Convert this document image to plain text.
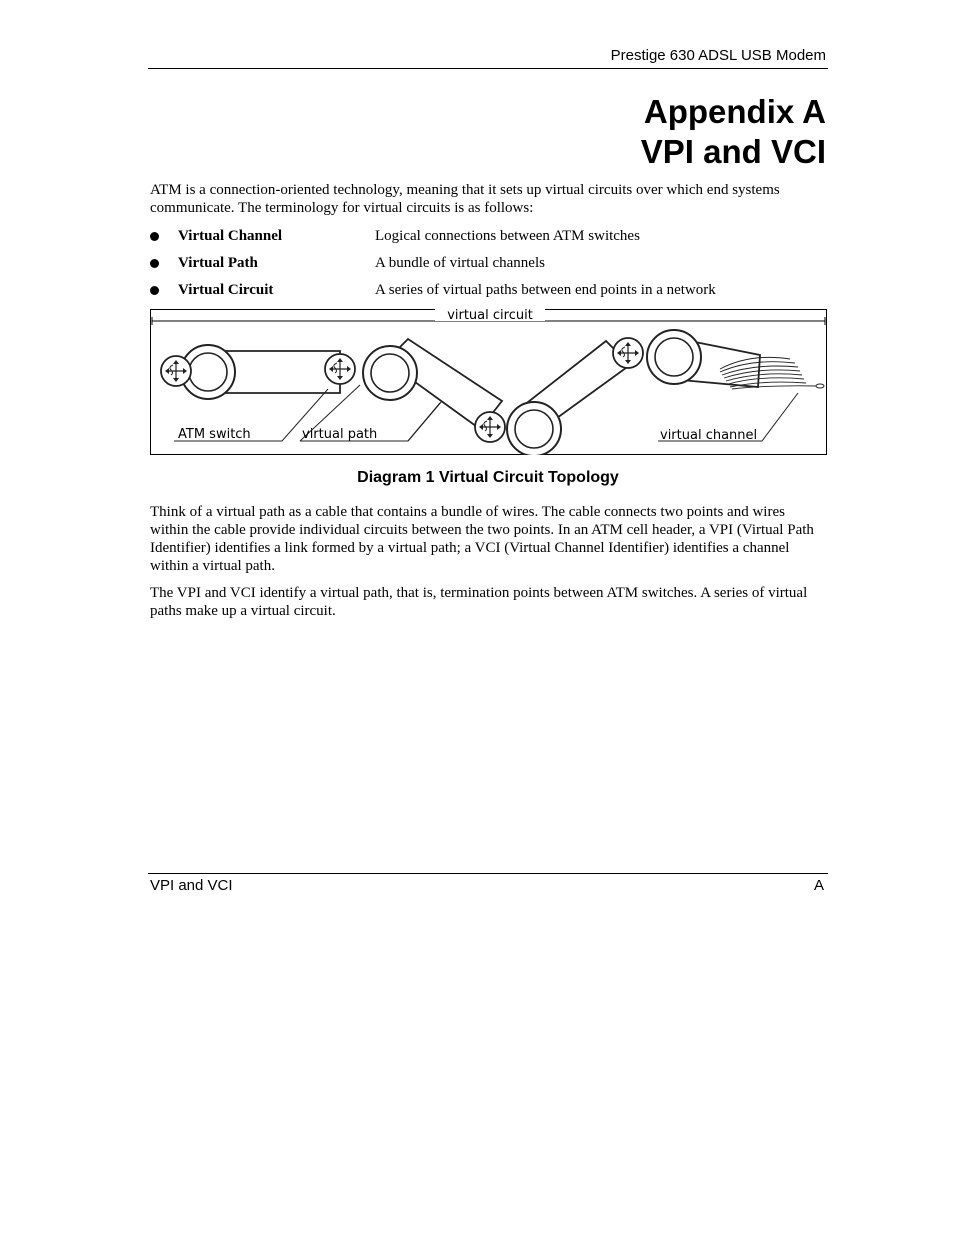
Prestige 630 ADSL USB Modem
Appendix A
VPI and VCI
ATM is a connection-oriented technology, meaning that it sets up virtual circuits over which end systems communicate. The terminology for virtual circuits is as follows:
Virtual Channel	Logical connections between ATM switches
Virtual Path	A bundle of virtual channels
Virtual Circuit	A series of virtual paths between end points in a network
virtual circuit
ATM switch	virtual path	virtual channel
Diagram 1 Virtual Circuit Topology
Think of a virtual path as a cable that contains a bundle of wires. The cable connects two points and wires within the cable provide individual circuits between the two points. In an ATM cell header, a VPI (Virtual Path Identifier) identifies a link formed by a virtual path; a VCI (Virtual Channel Identifier) identifies a channel within a virtual path.
The VPI and VCI identify a virtual path, that is, termination points between ATM switches. A series of virtual paths make up a virtual circuit.
VPI and VCI	A
